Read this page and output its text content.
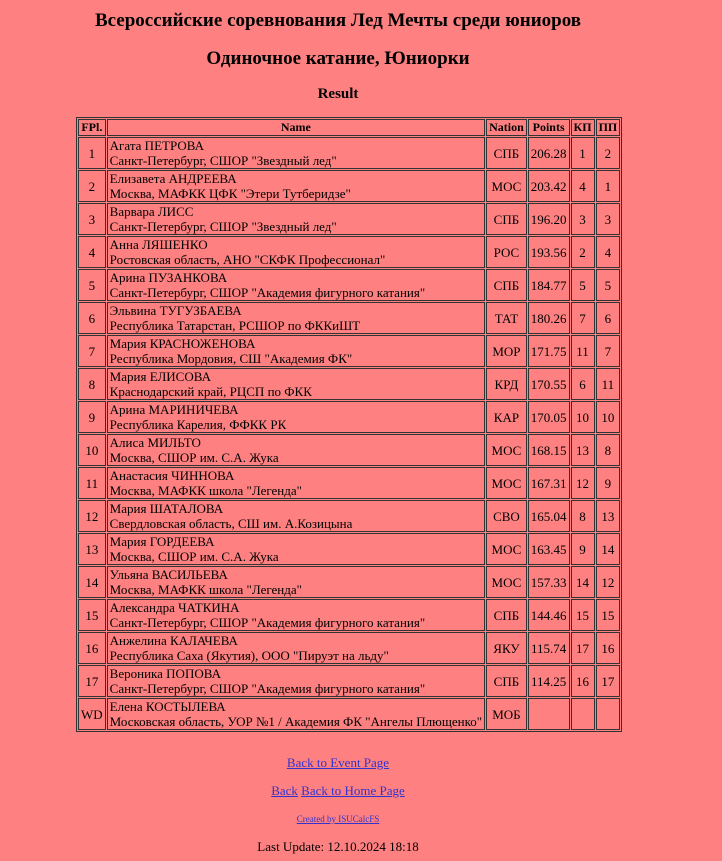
Всероссийские соревнования Лед Мечты среди юниоров
Одиночное катание, Юниорки
Result
FPl.	Name	Nation	Points	КП	ПП
1	Агата ПЕТРОВА
Санкт-Петербург, СШОР "Звездный лед"	СПБ	206.28	1	2
2	Елизавета АНДРЕЕВА
Москва, МАФКК ЦФК "Этери Тутберидзе"	МОС	203.42	4	1
3	Варвара ЛИСС
Санкт-Петербург, СШОР "Звездный лед"	СПБ	196.20	3	3
4	Анна ЛЯШЕНКО
Ростовская область, АНО "СКФК Профессионал"	РОС	193.56	2	4
5	Арина ПУЗАНКОВА
Санкт-Петербург, СШОР "Академия фигурного катания"	СПБ	184.77	5	5
6	Эльвина ТУГУЗБАЕВА
Республика Татарстан, РСШОР по ФККиШТ	ТАТ	180.26	7	6
7	Мария КРАСНОЖЕНОВА
Республика Мордовия, СШ "Академия ФК"	МОР	171.75	11	7
8	Мария ЕЛИСОВА
Краснодарский край, РЦСП по ФКК	КРД	170.55	6	11
9	Арина МАРИНИЧЕВА
Республика Карелия, ФФКК РК	КАР	170.05	10	10
10	Алиса МИЛЬТО
Москва, СШОР им. С.А. Жука	МОС	168.15	13	8
11	Анастасия ЧИННОВА
Москва, МАФКК школа "Легенда"	МОС	167.31	12	9
12	Мария ШАТАЛОВА
Свердловская область, СШ им. А.Козицына	СВО	165.04	8	13
13	Мария ГОРДЕЕВА
Москва, СШОР им. С.А. Жука	МОС	163.45	9	14
14	Ульяна ВАСИЛЬЕВА
Москва, МАФКК школа "Легенда"	МОС	157.33	14	12
15	Александра ЧАТКИНА
Санкт-Петербург, СШОР "Академия фигурного катания"	СПБ	144.46	15	15
16	Анжелина КАЛАЧЕВА
Республика Саха (Якутия), ООО "Пируэт на льду"	ЯКУ	115.74	17	16
17	Вероника ПОПОВА
Санкт-Петербург, СШОР "Академия фигурного катания"	СПБ	114.25	16	17
WD	Елена КОСТЫЛЕВА
Московская область, УОР №1 / Академия ФК "Ангелы Плющенко"	МОБ			
Back to Event Page
Back Back to Home Page
Created by ISUCalcFS
Last Update: 12.10.2024 18:18
